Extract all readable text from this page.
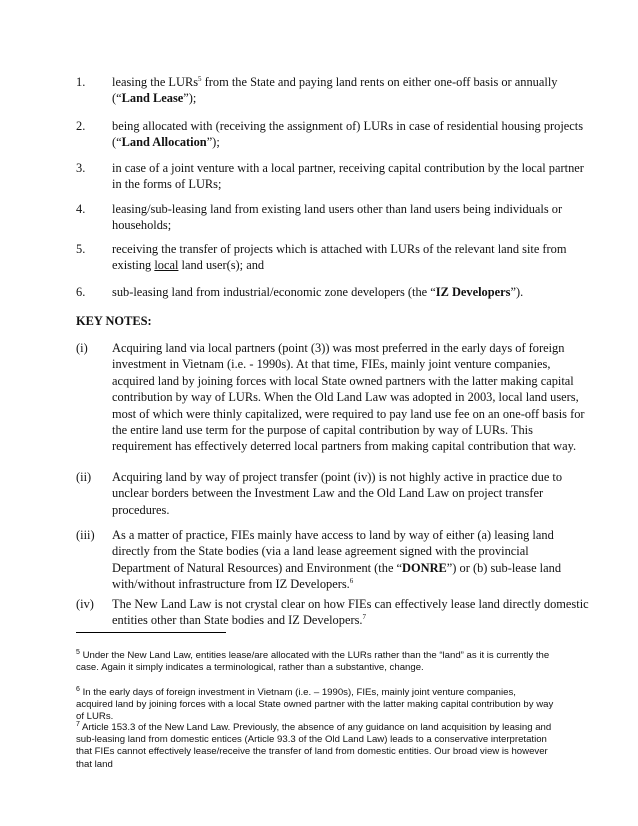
1. leasing the LURs$^5$ from the State and paying land rents on either one-off basis or annually (“Land Lease”);
2. being allocated with (receiving the assignment of) LURs in case of residential housing projects (“Land Allocation”);
3. in case of a joint venture with a local partner, receiving capital contribution by the local partner in the forms of LURs;
4. leasing/sub-leasing land from existing land users other than land users being individuals or households;
5. receiving the transfer of projects which is attached with LURs of the relevant land site from existing local land user(s); and
6. sub-leasing land from industrial/economic zone developers (the “IZ Developers”).
KEY NOTES:
(i) Acquiring land via local partners (point (3)) was most preferred in the early days of foreign investment in Vietnam (i.e. - 1990s). At that time, FIEs, mainly joint venture companies, acquired land by joining forces with local State owned partners with the latter making capital contribution by way of LURs. When the Old Land Law was adopted in 2003, local land users, most of which were thinly capitalized, were required to pay land use fee on an one-off basis for the entire land use term for the purpose of capital contribution by way of LURs. This requirement has effectively deterred local partners from making capital contribution that way.
(ii) Acquiring land by way of project transfer (point (iv)) is not highly active in practice due to unclear borders between the Investment Law and the Old Land Law on project transfer procedures.
(iii) As a matter of practice, FIEs mainly have access to land by way of either (a) leasing land directly from the State bodies (via a land lease agreement signed with the provincial Department of Natural Resources) and Environment (the “DONRE”) or (b) sub-lease land with/without infrastructure from IZ Developers.$^6$
(iv) The New Land Law is not crystal clear on how FIEs can effectively lease land directly domestic entities other than State bodies and IZ Developers.$^7$
$^5$ Under the New Land Law, entities lease/are allocated with the LURs rather than the “land” as it is currently the case. Again it simply indicates a terminological, rather than a substantive, change.
$^6$ In the early days of foreign investment in Vietnam (i.e. – 1990s), FIEs, mainly joint venture companies, acquired land by joining forces with a local State owned partner with the latter making capital contribution by way of LURs.
$^7$ Article 153.3 of the New Land Law. Previously, the absence of any guidance on land acquisition by leasing and sub-leasing land from domestic entices (Article 93.3 of the Old Land Law) leads to a conservative interpretation that FIEs cannot effectively lease/receive the transfer of land from domestic entities. Our broad view is however that land
